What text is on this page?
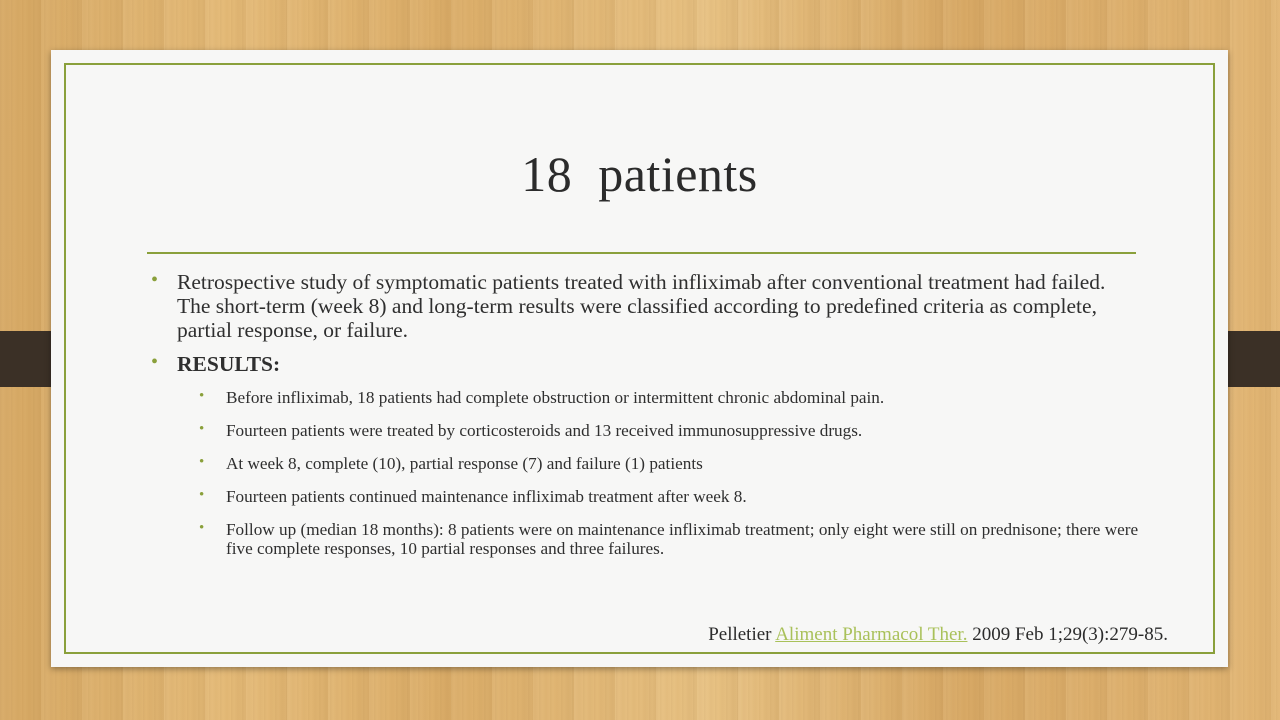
18  patients
• Retrospective study of symptomatic patients treated with infliximab after conventional treatment had failed. The short-term (week 8) and long-term results were classified according to predefined criteria as complete, partial response, or failure.
• RESULTS:
• Before infliximab, 18 patients had complete obstruction or intermittent chronic abdominal pain.
• Fourteen patients were treated by corticosteroids and 13 received immunosuppressive drugs.
• At week 8, complete (10), partial response (7) and failure (1) patients
• Fourteen patients continued maintenance infliximab treatment after week 8.
• Follow up (median 18 months): 8 patients were on maintenance infliximab treatment; only eight were still on prednisone; there were five complete responses, 10 partial responses and three failures.
Pelletier Aliment Pharmacol Ther. 2009 Feb 1;29(3):279-85.
